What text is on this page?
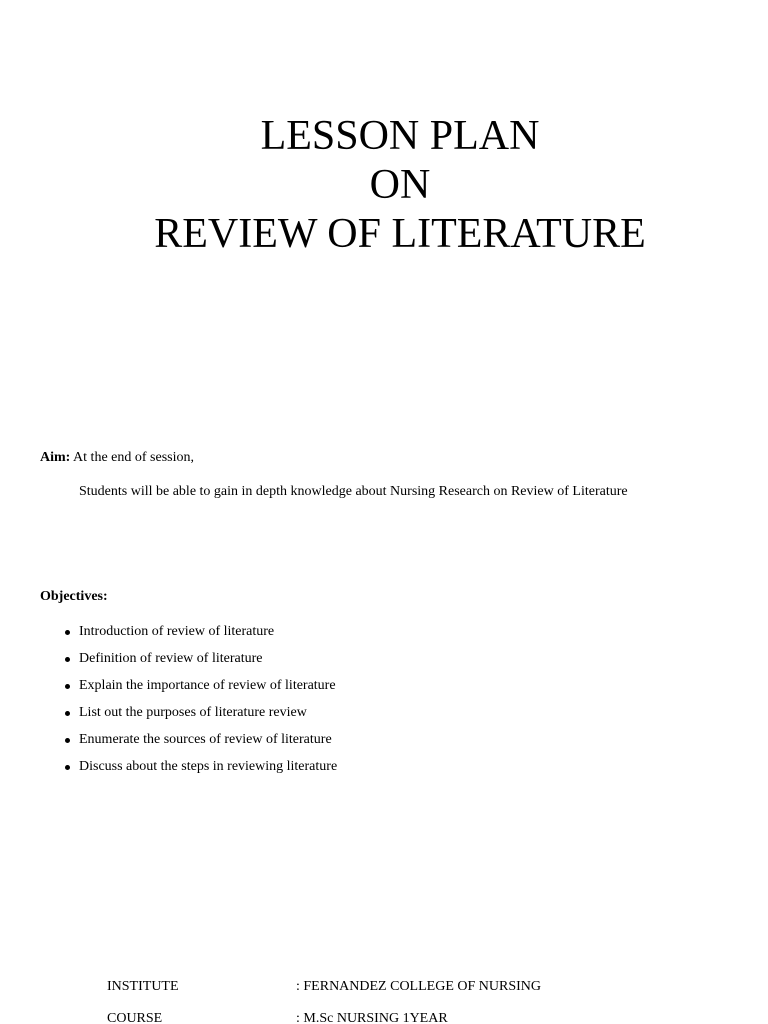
LESSON PLAN
ON
REVIEW OF LITERATURE
Aim: At the end of session,
Students will be able to gain in depth knowledge about Nursing Research on Review of Literature
Objectives:
Introduction of review of literature
Definition of review of literature
Explain the importance of review of literature
List out the purposes of literature review
Enumerate the sources of review of literature
Discuss about the steps in reviewing literature
INSTITUTE	: FERNANDEZ COLLEGE OF NURSING
COURSE	: M.Sc NURSING 1YEAR
